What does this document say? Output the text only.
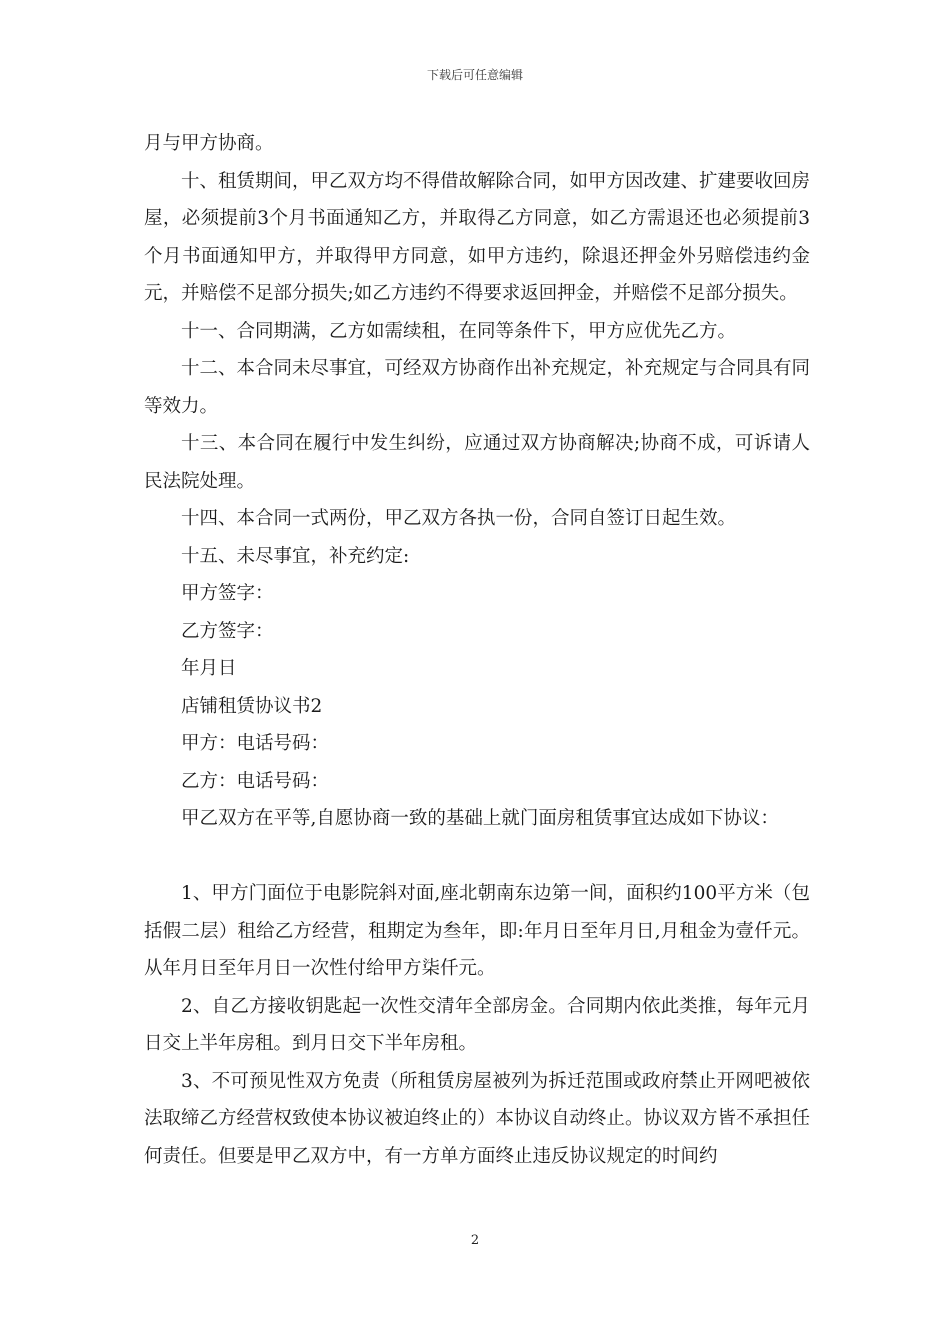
下载后可任意编辑

月与甲方协商。

十、租赁期间，甲乙双方均不得借故解除合同，如甲方因改建、扩建要收回房屋，必须提前3个月书面通知乙方，并取得乙方同意，如乙方需退还也必须提前3个月书面通知甲方，并取得甲方同意，如甲方违约，除退还押金外另赔偿违约金元，并赔偿不足部分损失;如乙方违约不得要求返回押金，并赔偿不足部分损失。

十一、合同期满，乙方如需续租，在同等条件下，甲方应优先乙方。

十二、本合同未尽事宜，可经双方协商作出补充规定，补充规定与合同具有同等效力。

十三、本合同在履行中发生纠纷，应通过双方协商解决;协商不成，可诉请人民法院处理。

十四、本合同一式两份，甲乙双方各执一份，合同自签订日起生效。

十五、未尽事宜，补充约定:

甲方签字：

乙方签字：

年月日

店铺租赁协议书2

甲方：电话号码：

乙方：电话号码：

甲乙双方在平等,自愿协商一致的基础上就门面房租赁事宜达成如下协议：

1、甲方门面位于电影院斜对面,座北朝南东边第一间，面积约100平方米（包括假二层）租给乙方经营，租期定为叁年，即:年月日至年月日,月租金为壹仟元。从年月日至年月日一次性付给甲方柒仟元。

2、自乙方接收钥匙起一次性交清年全部房金。合同期内依此类推，每年元月日交上半年房租。到月日交下半年房租。

3、不可预见性双方免责（所租赁房屋被列为拆迁范围或政府禁止开网吧被依法取缔乙方经营权致使本协议被迫终止的）本协议自动终止。协议双方皆不承担任何责任。但要是甲乙双方中，有一方单方面终止违反协议规定的时间约

2
